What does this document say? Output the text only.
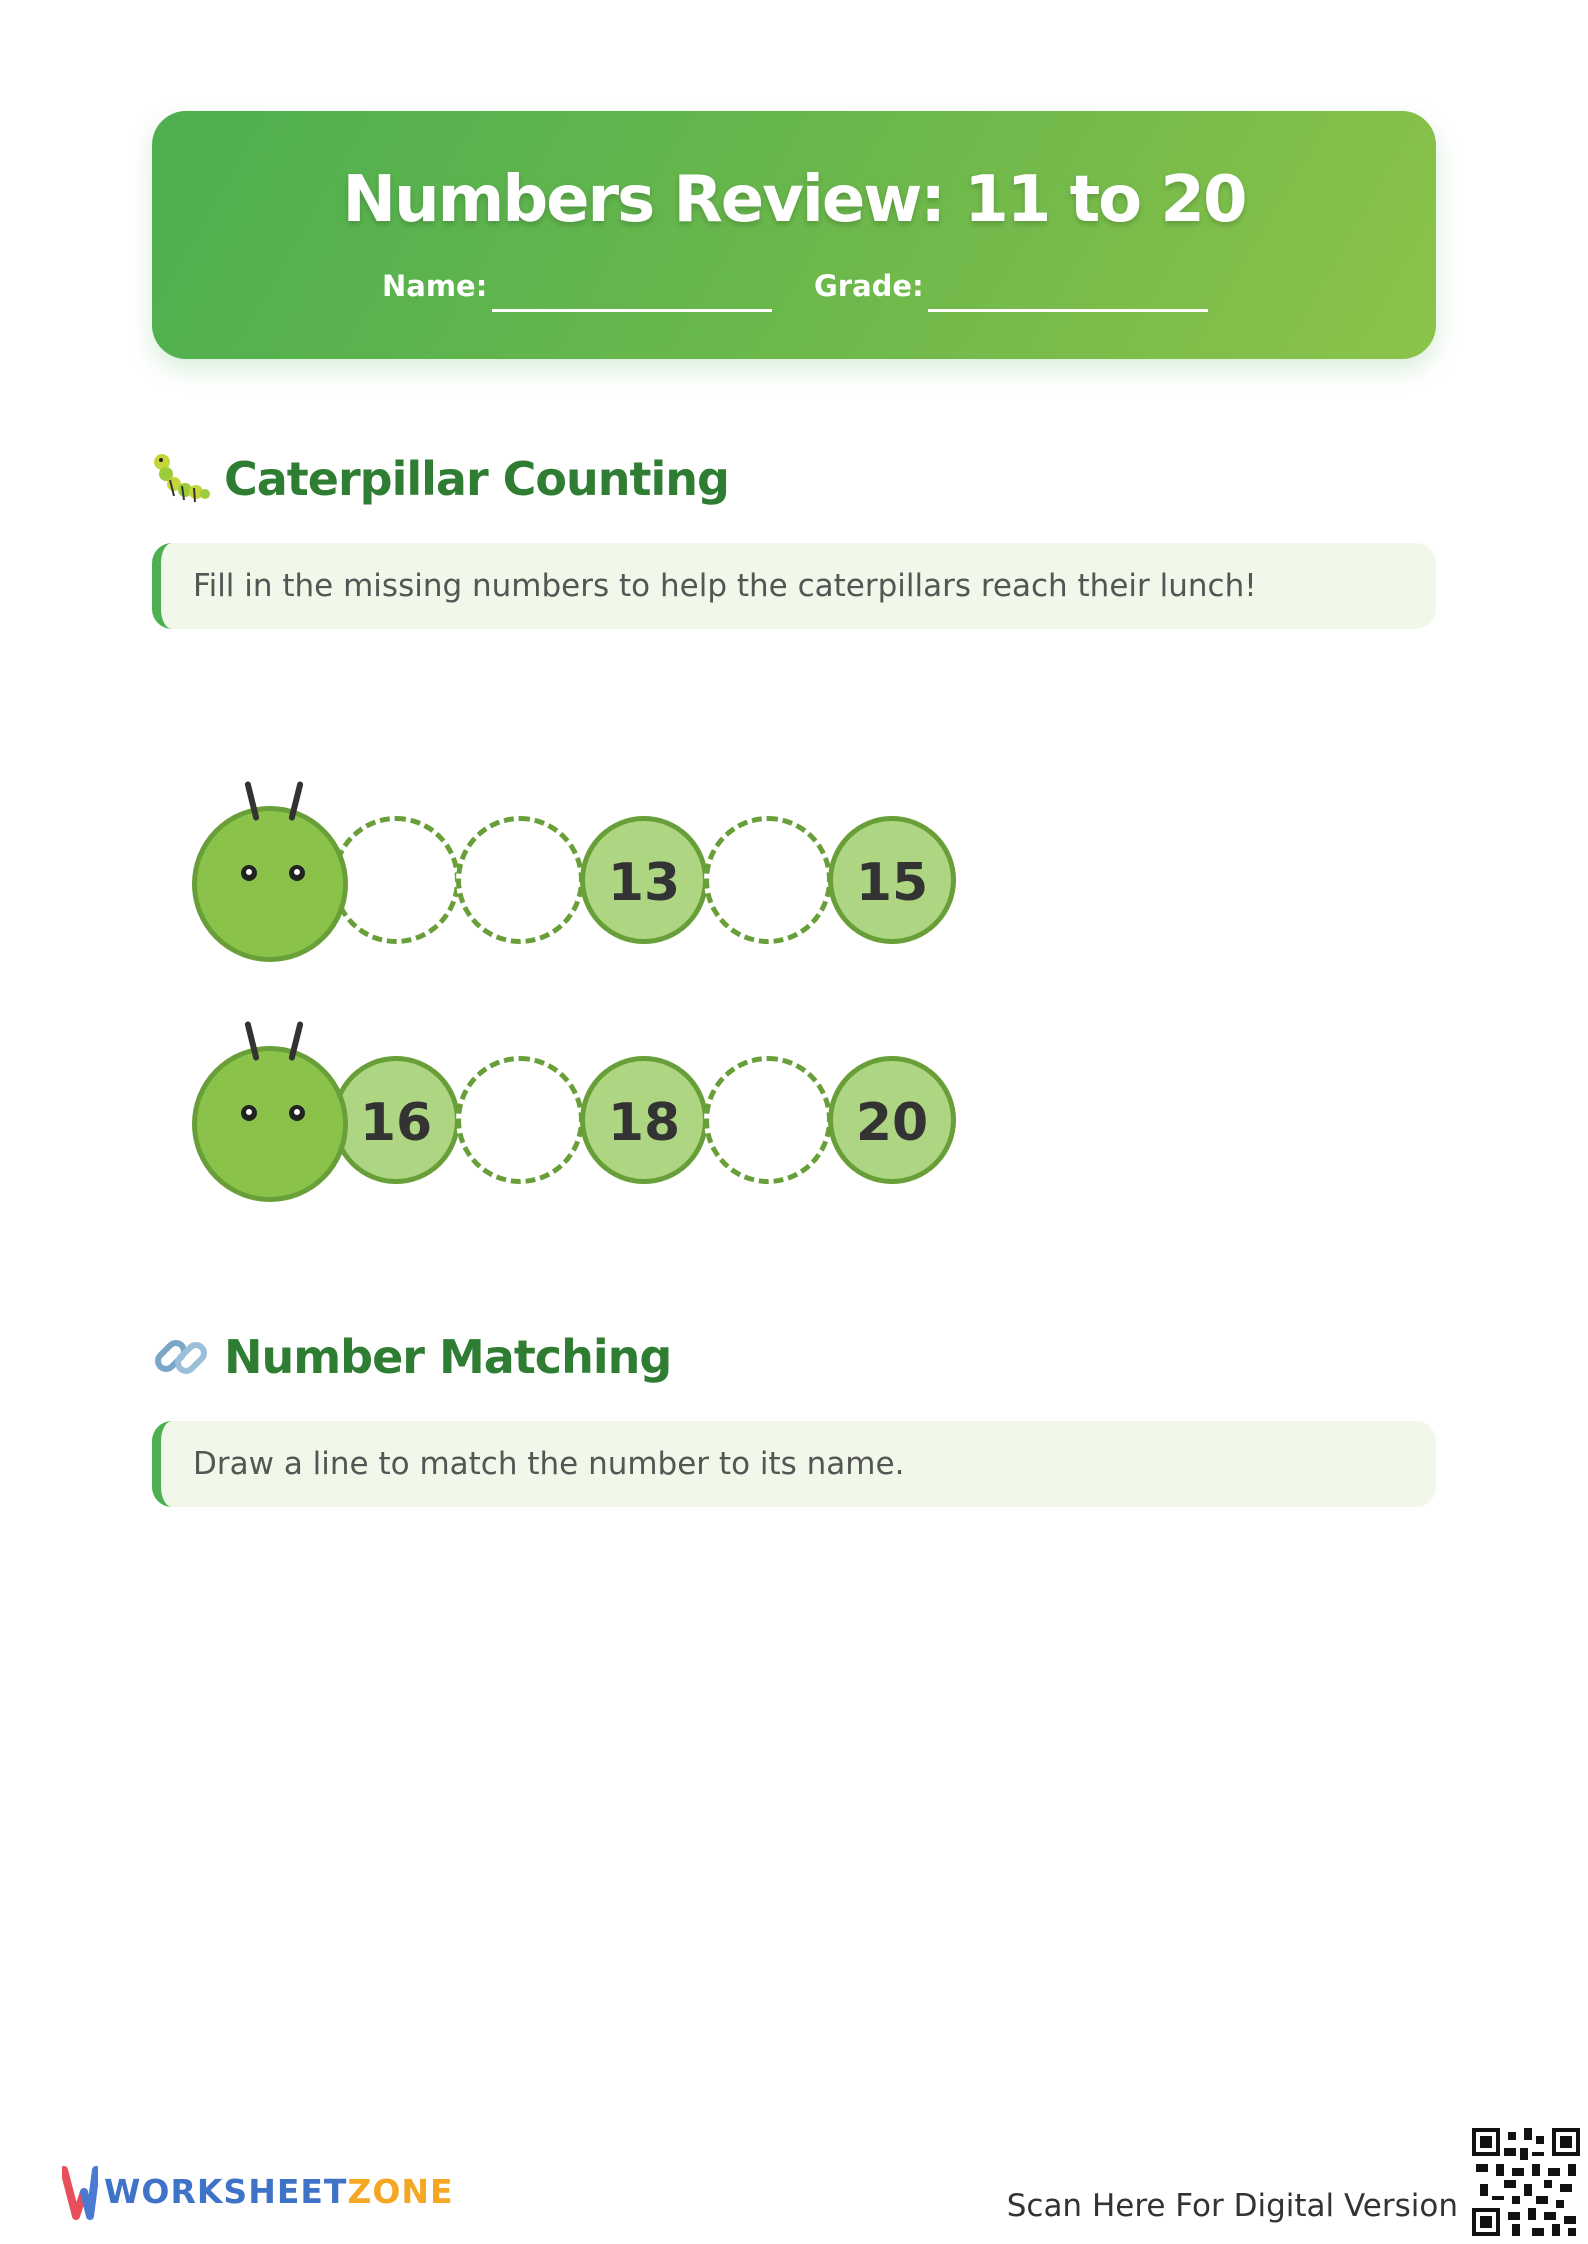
Numbers Review: 11 to 20
Name:	Grade:
Caterpillar Counting
Fill in the missing numbers to help the caterpillars reach their lunch!
13	15
16	18	20
Number Matching
Draw a line to match the number to its name.
WORKSHEETZONE	Scan Here For Digital Version
